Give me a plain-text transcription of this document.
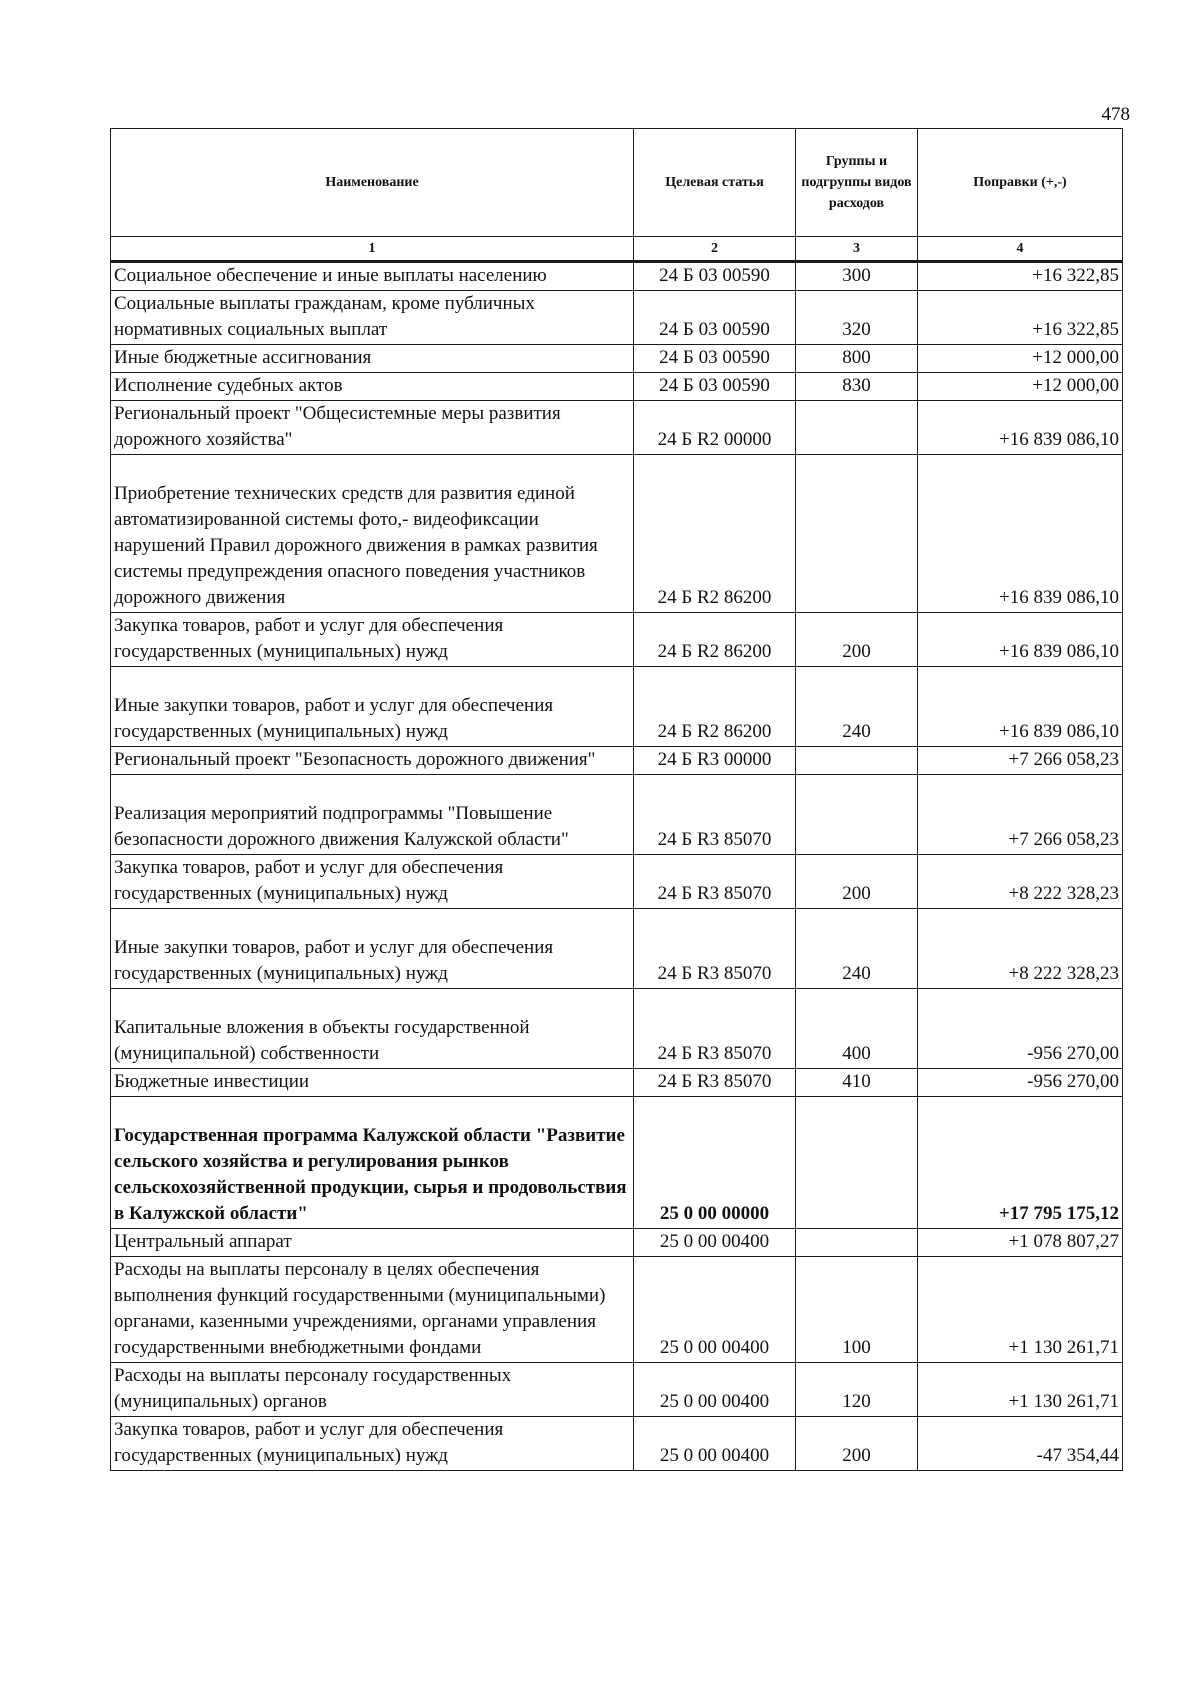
478
Наименование	Целевая статья	Группы и подгруппы видов расходов	Поправки (+,-)
1	2	3	4
Социальное обеспечение и иные выплаты населению	24 Б 03 00590	300	+16 322,85
Социальные выплаты гражданам, кроме публичных нормативных социальных выплат	24 Б 03 00590	320	+16 322,85
Иные бюджетные ассигнования	24 Б 03 00590	800	+12 000,00
Исполнение судебных актов	24 Б 03 00590	830	+12 000,00
Региональный проект "Общесистемные меры развития дорожного хозяйства"	24 Б R2 00000		+16 839 086,10
Приобретение технических средств для развития единой автоматизированной системы фото,- видеофиксации нарушений Правил дорожного движения в рамках развития системы предупреждения опасного поведения участников дорожного движения	24 Б R2 86200		+16 839 086,10
Закупка товаров, работ и услуг для обеспечения государственных (муниципальных) нужд	24 Б R2 86200	200	+16 839 086,10
Иные закупки товаров, работ и услуг для обеспечения государственных (муниципальных) нужд	24 Б R2 86200	240	+16 839 086,10
Региональный проект "Безопасность дорожного движения"	24 Б R3 00000		+7 266 058,23
Реализация мероприятий подпрограммы "Повышение безопасности дорожного движения Калужской области"	24 Б R3 85070		+7 266 058,23
Закупка товаров, работ и услуг для обеспечения государственных (муниципальных) нужд	24 Б R3 85070	200	+8 222 328,23
Иные закупки товаров, работ и услуг для обеспечения государственных (муниципальных) нужд	24 Б R3 85070	240	+8 222 328,23
Капитальные вложения в объекты государственной (муниципальной) собственности	24 Б R3 85070	400	-956 270,00
Бюджетные инвестиции	24 Б R3 85070	410	-956 270,00
Государственная программа Калужской области "Развитие сельского хозяйства и регулирования рынков сельскохозяйственной продукции, сырья и продовольствия в Калужской области"	25 0 00 00000		+17 795 175,12
Центральный аппарат	25 0 00 00400		+1 078 807,27
Расходы на выплаты персоналу в целях обеспечения выполнения функций государственными (муниципальными) органами, казенными учреждениями, органами управления государственными внебюджетными фондами	25 0 00 00400	100	+1 130 261,71
Расходы на выплаты персоналу государственных (муниципальных) органов	25 0 00 00400	120	+1 130 261,71
Закупка товаров, работ и услуг для обеспечения государственных (муниципальных) нужд	25 0 00 00400	200	-47 354,44
